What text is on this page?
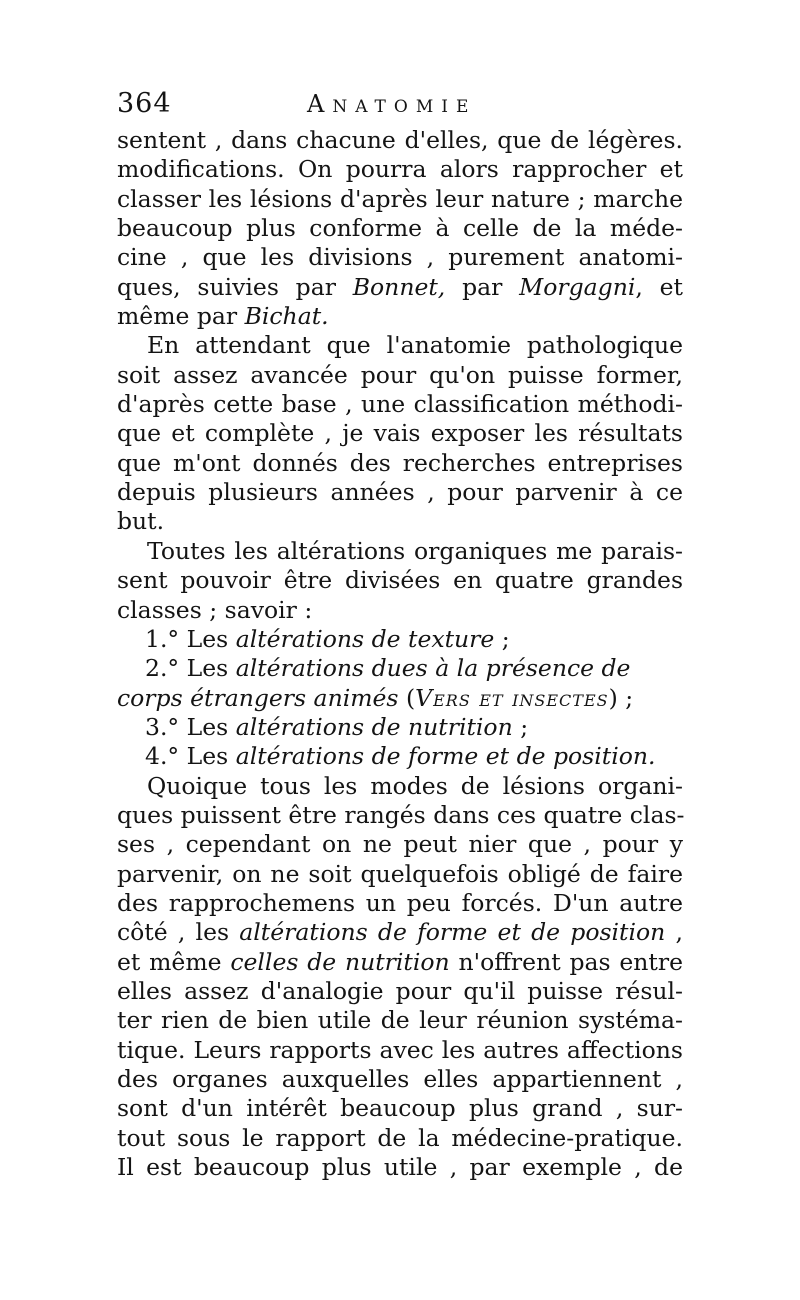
364	Anatomie
sentent , dans chacune d'elles, que de légères.
modifications. On pourra alors rapprocher et
classer les lésions d'après leur nature ; marche
beaucoup plus conforme à celle de la méde-
cine , que les divisions , purement anatomi-
ques, suivies par Bonnet, par Morgagni, et
même par Bichat.
En attendant que l'anatomie pathologique
soit assez avancée pour qu'on puisse former,
d'après cette base , une classification méthodi-
que et complète , je vais exposer les résultats
que m'ont donnés des recherches entreprises
depuis plusieurs années , pour parvenir à ce
but.
Toutes les altérations organiques me parais-
sent pouvoir être divisées en quatre grandes
classes ; savoir :
1.° Les altérations de texture ;
2.° Les altérations dues à la présence de
corps étrangers animés (Vers et insectes) ;
3.° Les altérations de nutrition ;
4.° Les altérations de forme et de position.
Quoique tous les modes de lésions organi-
ques puissent être rangés dans ces quatre clas-
ses , cependant on ne peut nier que , pour y
parvenir, on ne soit quelquefois obligé de faire
des rapprochemens un peu forcés. D'un autre
côté , les altérations de forme et de position ,
et même celles de nutrition n'offrent pas entre
elles assez d'analogie pour qu'il puisse résul-
ter rien de bien utile de leur réunion systéma-
tique. Leurs rapports avec les autres affections
des organes auxquelles elles appartiennent ,
sont d'un intérêt beaucoup plus grand , sur-
tout sous le rapport de la médecine-pratique.
Il est beaucoup plus utile , par exemple , de
